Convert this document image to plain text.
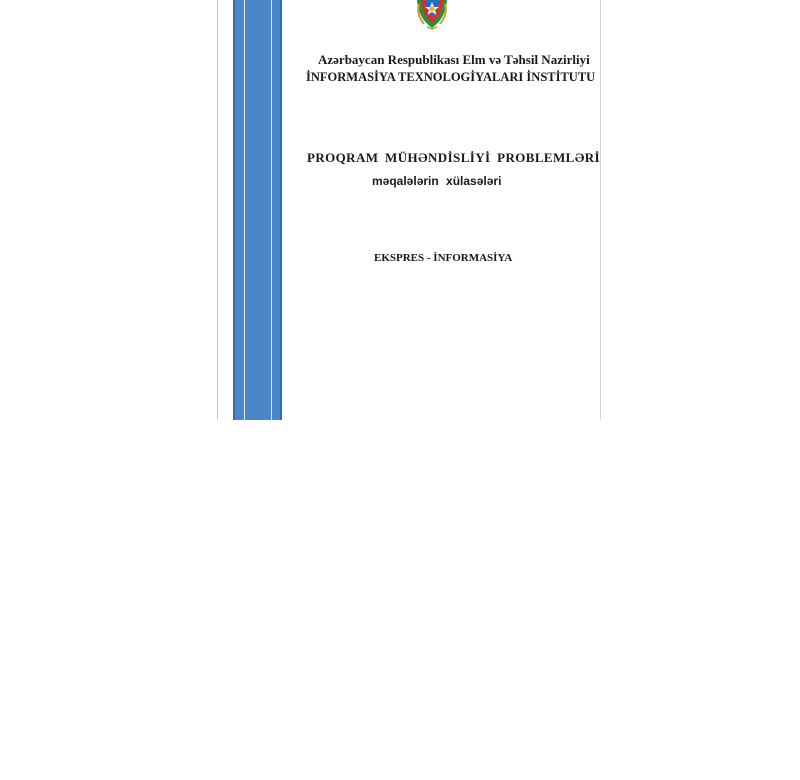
EKSPRES - İNFORMASİYA
Azərbaycan Respublikası Elm və Təhsil Nazirliyi
İNFORMASİYA TEXNOLOGİYALARI İNSTİTUTU
PROQRAM MÜHƏNDİSLİYİ PROBLEMLƏRİ
məqalələrin xülasələri
EKSPRES - İNFORMASİYA
